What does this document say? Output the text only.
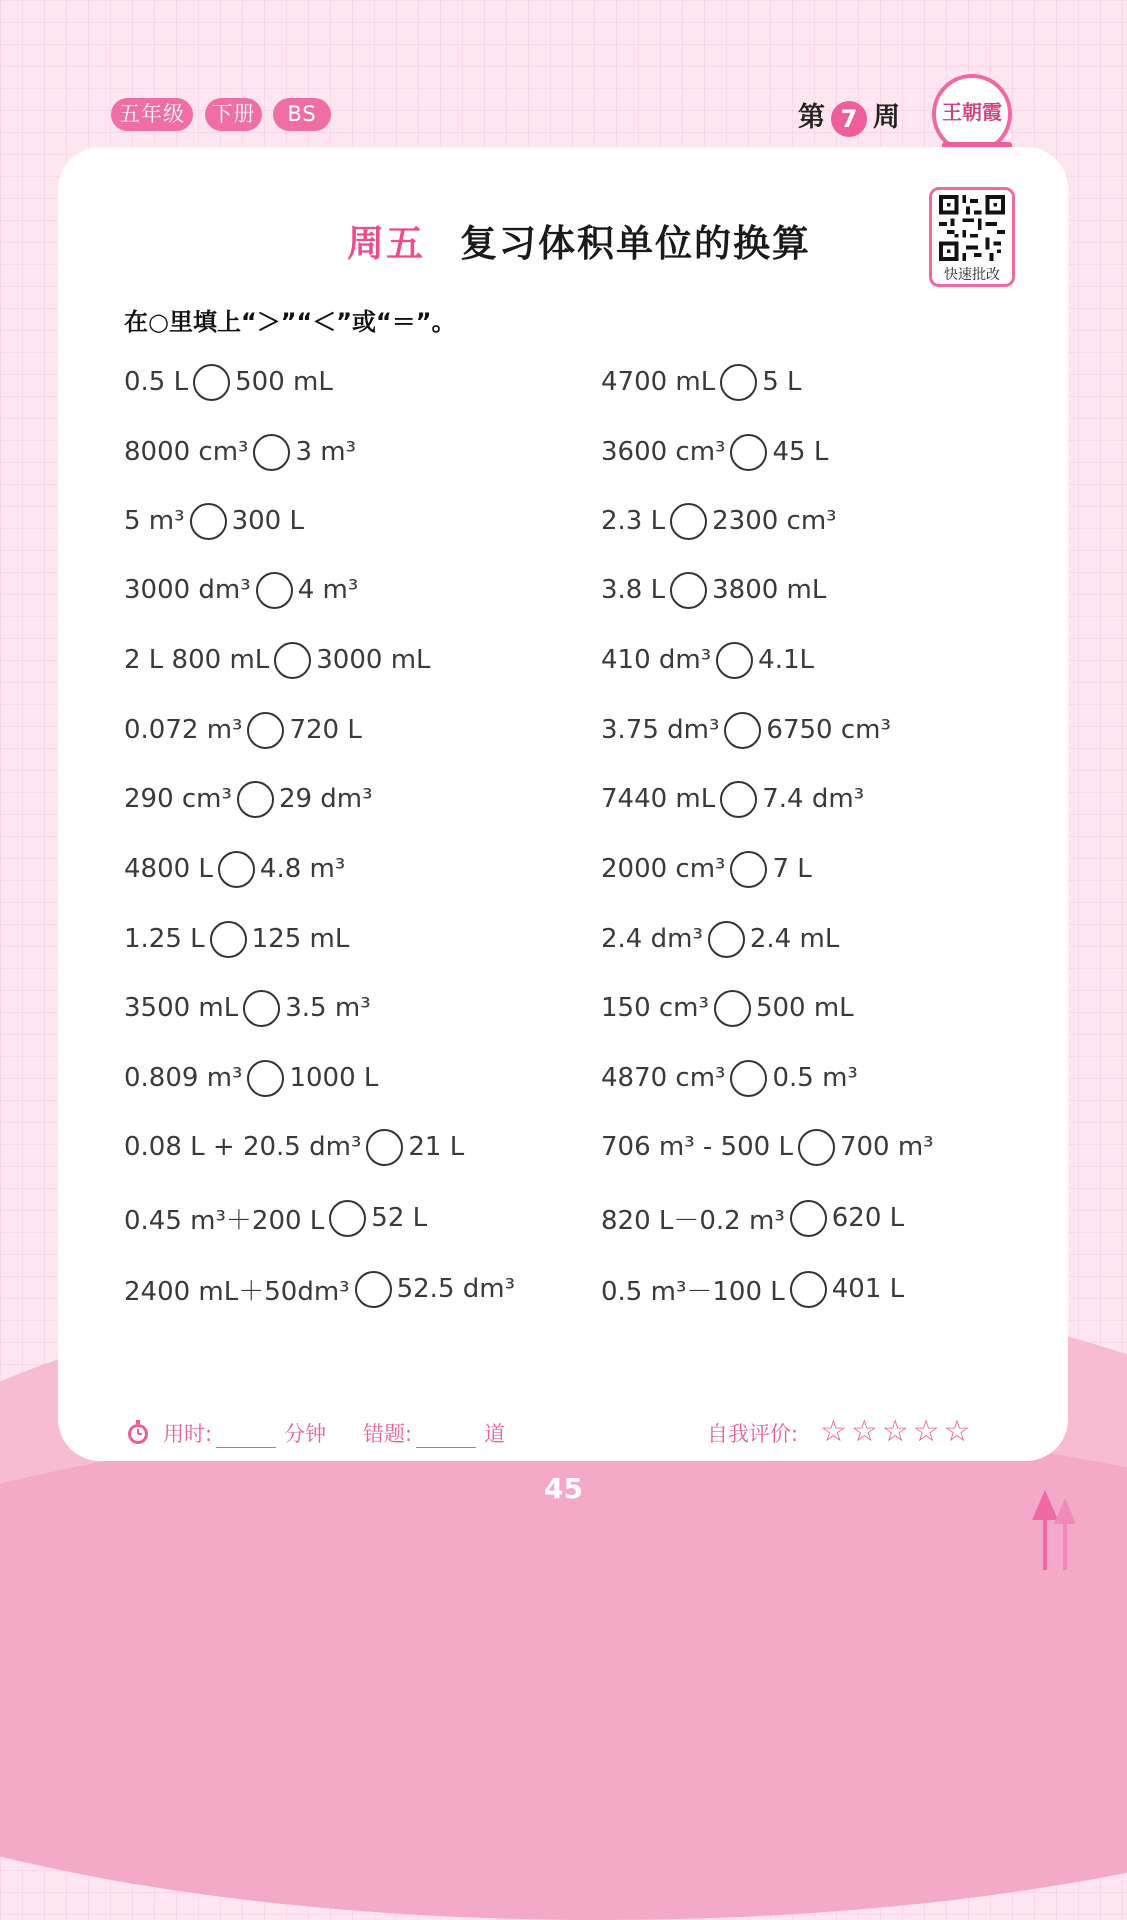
五年级	下册	BS	第 7 周	王朝霞
周五 复习体积单位的换算
快速批改
在○里填上“＞”“＜”或“＝”。
0.5 L 500 mL
8000 cm³ 3 m³
5 m³ 300 L
3000 dm³ 4 m³
2 L 800 mL 3000 mL
0.072 m³ 720 L
290 cm³ 29 dm³
4800 L 4.8 m³
1.25 L 125 mL
3500 mL 3.5 m³
0.809 m³ 1000 L
0.08 L + 20.5 dm³ 21 L
0.45 m³＋200 L 52 L
2400 mL＋50dm³ 52.5 dm³
4700 mL 5 L
3600 cm³ 45 L
2.3 L 2300 cm³
3.8 L 3800 mL
410 dm³ 4.1L
3.75 dm³ 6750 cm³
7440 mL 7.4 dm³
2000 cm³ 7 L
2.4 dm³ 2.4 mL
150 cm³ 500 mL
4870 cm³ 0.5 m³
706 m³ - 500 L 700 m³
820 L－0.2 m³ 620 L
0.5 m³－100 L 401 L
用时:	分钟 错题:	道	自我评价: ☆☆☆☆☆
45
